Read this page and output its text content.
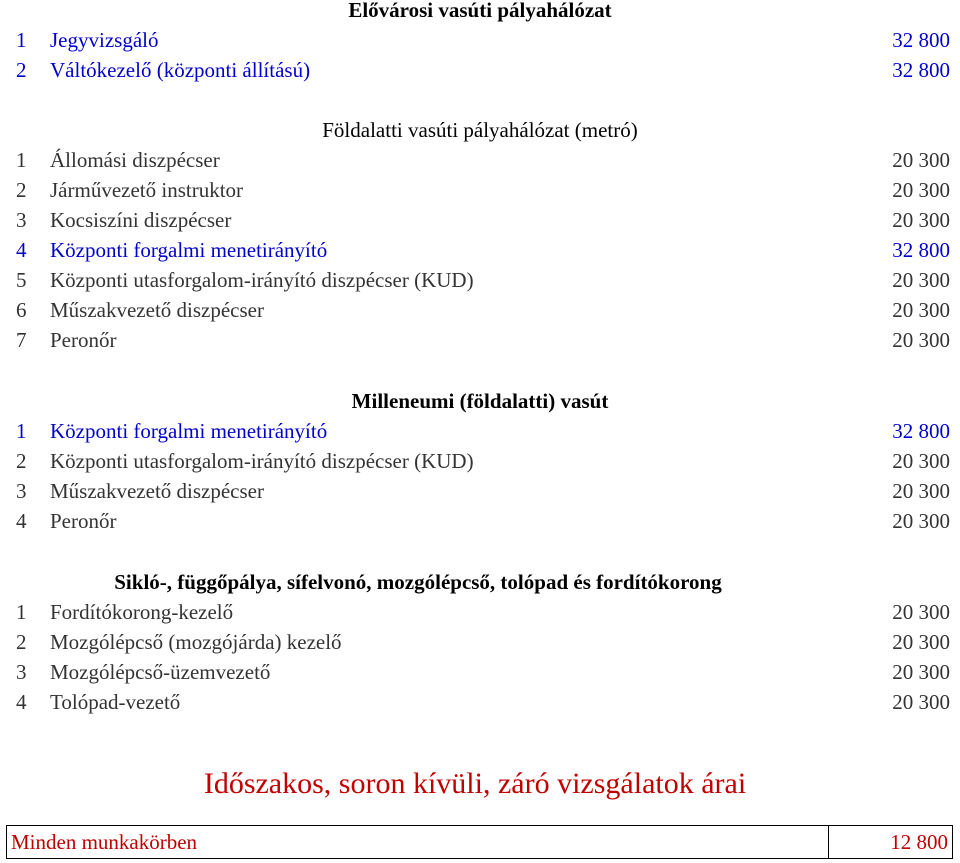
Elővárosi vasúti pályahálózat
1 Jegyvizsgáló	32 800
2 Váltókezelő (központi állítású)	32 800
Földalatti vasúti pályahálózat (metró)
1 Állomási diszpécser	20 300
2 Járművezető instruktor	20 300
3 Kocsiszíni diszpécser	20 300
4 Központi forgalmi menetirányító	32 800
5 Központi utasforgalom-irányító diszpécser (KUD)	20 300
6 Műszakvezető diszpécser	20 300
7 Peronőr	20 300
Milleneumi (földalatti) vasút
1 Központi forgalmi menetirányító	32 800
2 Központi utasforgalom-irányító diszpécser (KUD)	20 300
3 Műszakvezető diszpécser	20 300
4 Peronőr	20 300
Sikló-, függőpálya, sífelvonó, mozgólépcső, tolópad és fordítókorong
1 Fordítókorong-kezelő	20 300
2 Mozgólépcső (mozgójárda) kezelő	20 300
3 Mozgólépcső-üzemvezető	20 300
4 Tolópad-vezető	20 300
Időszakos, soron kívüli, záró vizsgálatok árai
Minden munkakörben	12 800
